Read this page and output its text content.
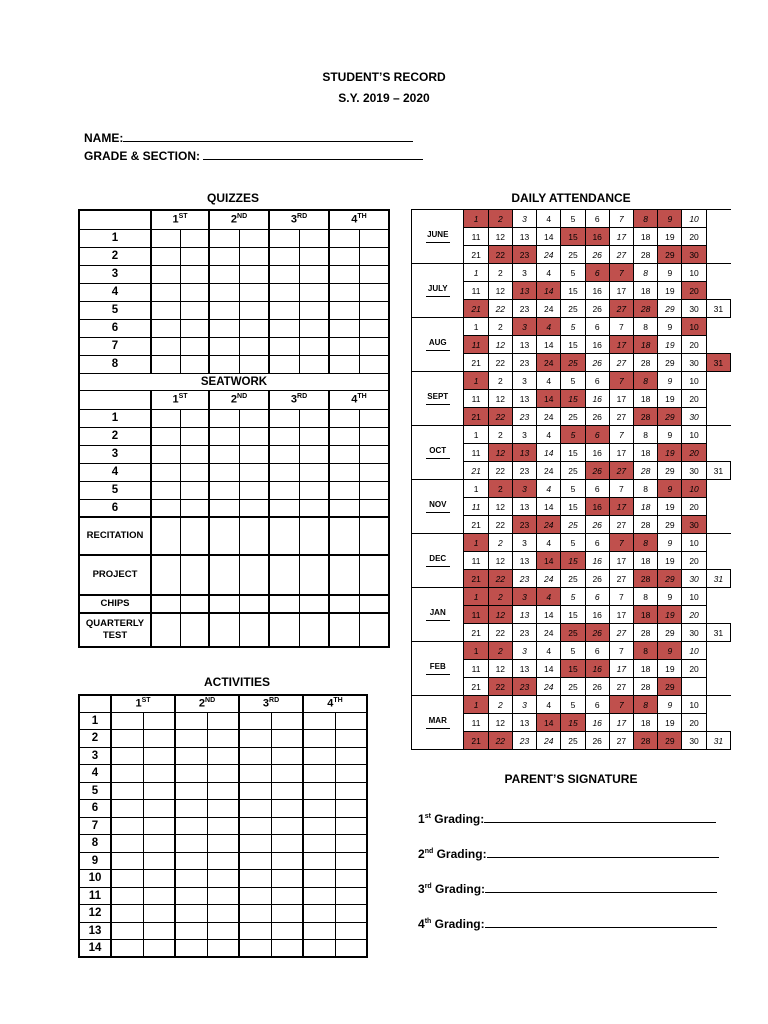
STUDENT’S RECORD
S.Y. 2019 – 2020
NAME:
GRADE & SECTION:
QUIZZES	DAILY ATTENDANCE
ACTIVITIES
PARENT’S SIGNATURE
	1ST		2ND		3RD		4TH
1								
2								
3								
4								
5								
6								
7								
8								
SEATWORK								
	1ST		2ND		3RD		4TH
1								
2								
3								
4								
5								
6								
RECITATION								
PROJECT								
CHIPS								
QUARTERLY TEST								
JUNE	1	2	3	4	5	6	7	8	9	10	
	11	12	13	14	15	16	17	18	19	20	
	21	22	23	24	25	26	27	28	29	30	
JULY	1	2	3	4	5	6	7	8	9	10	
	11	12	13	14	15	16	17	18	19	20	
	21	22	23	24	25	26	27	28	29	30	31
AUG	1	2	3	4	5	6	7	8	9	10	
	11	12	13	14	15	16	17	18	19	20	
	21	22	23	24	25	26	27	28	29	30	31
SEPT	1	2	3	4	5	6	7	8	9	10	
	11	12	13	14	15	16	17	18	19	20	
	21	22	23	24	25	26	27	28	29	30	
OCT	1	2	3	4	5	6	7	8	9	10	
	11	12	13	14	15	16	17	18	19	20	
	21	22	23	24	25	26	27	28	29	30	31
NOV	1	2	3	4	5	6	7	8	9	10	
	11	12	13	14	15	16	17	18	19	20	
	21	22	23	24	25	26	27	28	29	30	
DEC	1	2	3	4	5	6	7	8	9	10	
	11	12	13	14	15	16	17	18	19	20	
	21	22	23	24	25	26	27	28	29	30	31
JAN	1	2	3	4	5	6	7	8	9	10	
	11	12	13	14	15	16	17	18	19	20	
	21	22	23	24	25	26	27	28	29	30	31
FEB	1	2	3	4	5	6	7	8	9	10	
	11	12	13	14	15	16	17	18	19	20	
	21	22	23	24	25	26	27	28	29		
MAR	1	2	3	4	5	6	7	8	9	10	
	11	12	13	14	15	16	17	18	19	20	
	21	22	23	24	25	26	27	28	29	30	31
	1ST		2ND		3RD		4TH
1								
2								
3								
4								
5								
6								
7								
8								
9								
10								
11								
12								
13								
14								
1st Grading:
2nd Grading:
3rd Grading:
4th Grading:
